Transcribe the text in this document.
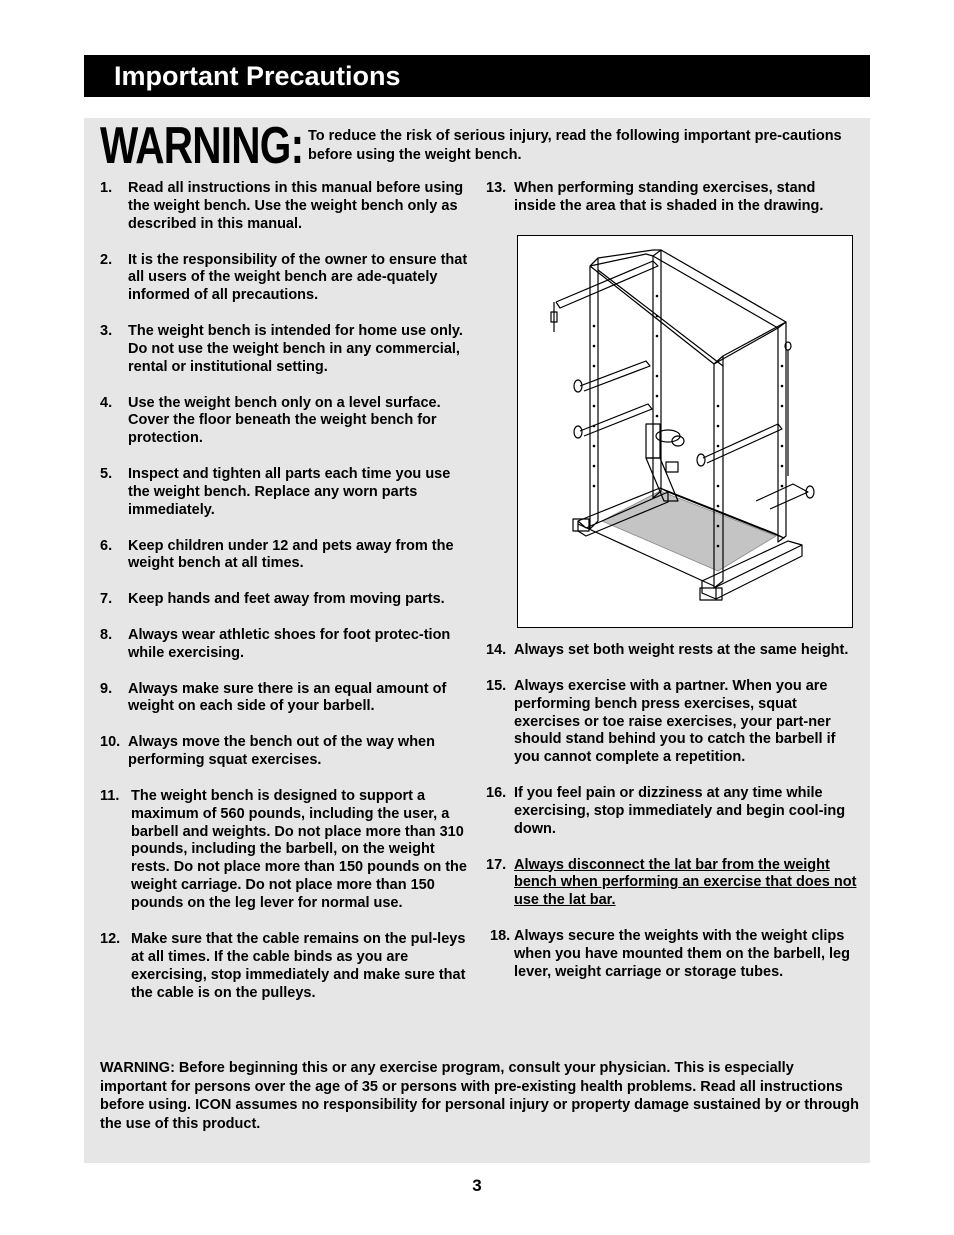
Important Precautions
WARNING: To reduce the risk of serious injury, read the following important pre-cautions before using the weight bench.
1. Read all instructions in this manual before using the weight bench. Use the weight bench only as described in this manual.
2. It is the responsibility of the owner to ensure that all users of the weight bench are ade-quately informed of all precautions.
3. The weight bench is intended for home use only. Do not use the weight bench in any commercial, rental or institutional setting.
4. Use the weight bench only on a level surface. Cover the floor beneath the weight bench for protection.
5. Inspect and tighten all parts each time you use the weight bench. Replace any worn parts immediately.
6. Keep children under 12 and pets away from the weight bench at all times.
7. Keep hands and feet away from moving parts.
8. Always wear athletic shoes for foot protec-tion while exercising.
9. Always make sure there is an equal amount of weight on each side of your barbell.
10. Always move the bench out of the way when performing squat exercises.
11. The weight bench is designed to support a maximum of 560 pounds, including the user, a barbell and weights. Do not place more than 310 pounds, including the barbell, on the weight rests. Do not place more than 150 pounds on the weight carriage. Do not place more than 150 pounds on the leg lever for normal use.
12. Make sure that the cable remains on the pul-leys at all times. If the cable binds as you are exercising, stop immediately and make sure that the cable is on the pulleys.
13. When performing standing exercises, stand inside the area that is shaded in the drawing.
14. Always set both weight rests at the same height.
15. Always exercise with a partner. When you are performing bench press exercises, squat exercises or toe raise exercises, your part-ner should stand behind you to catch the barbell if you cannot complete a repetition.
16. If you feel pain or dizziness at any time while exercising, stop immediately and begin cool-ing down.
17. Always disconnect the lat bar from the weight bench when performing an exercise that does not use the lat bar.
18. Always secure the weights with the weight clips when you have mounted them on the barbell, leg lever, weight carriage or storage tubes.
WARNING: Before beginning this or any exercise program, consult your physician. This is especially important for persons over the age of 35 or persons with pre-existing health problems. Read all instructions before using. ICON assumes no responsibility for personal injury or property damage sustained by or through the use of this product.
3
